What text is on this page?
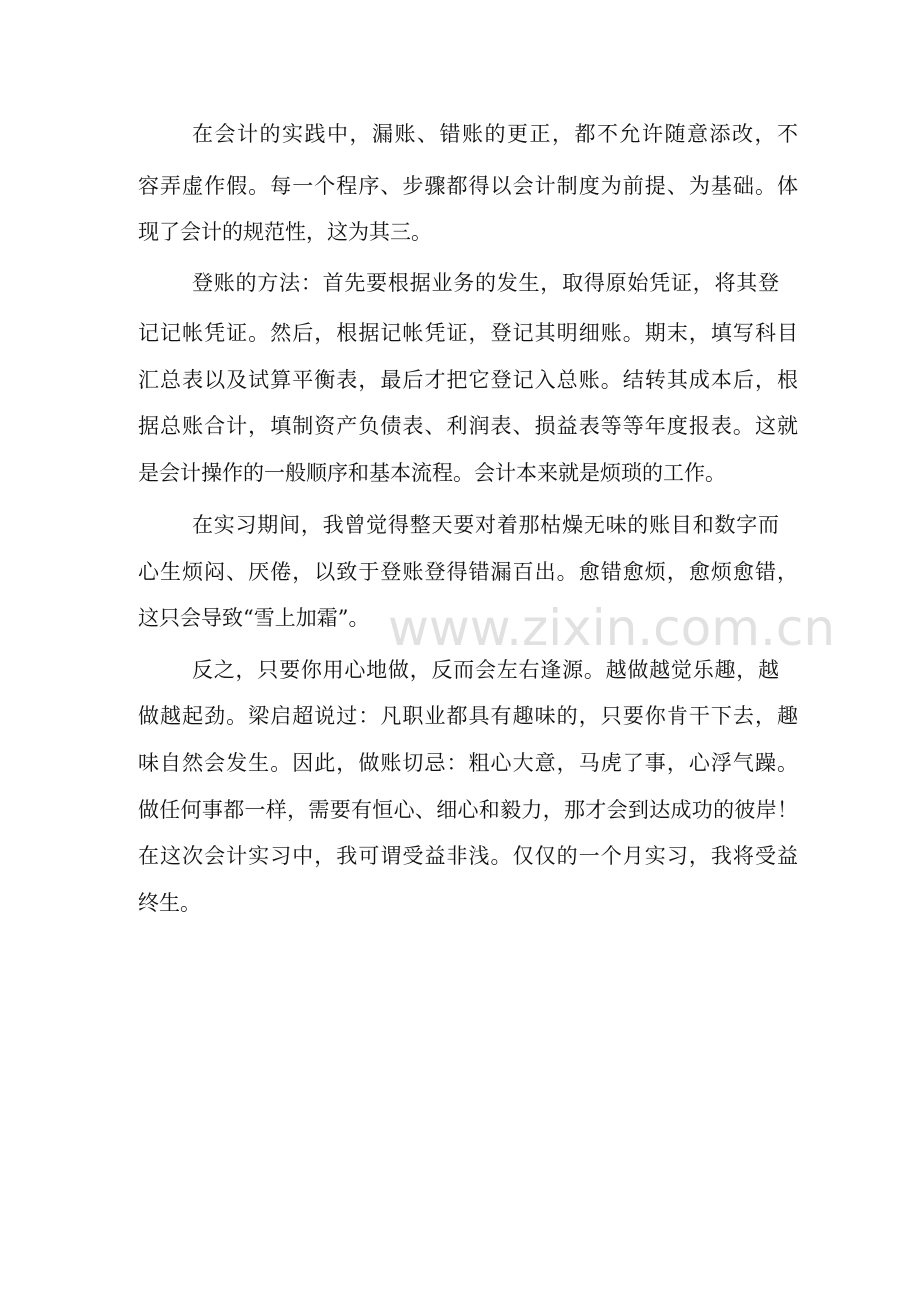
在会计的实践中，漏账、错账的更正，都不允许随意添改，不

容弄虚作假。每一个程序、步骤都得以会计制度为前提、为基础。体

现了会计的规范性，这为其三。

登账的方法：首先要根据业务的发生，取得原始凭证，将其登

记记帐凭证。然后，根据记帐凭证，登记其明细账。期末，填写科目

汇总表以及试算平衡表，最后才把它登记入总账。结转其成本后，根

据总账合计，填制资产负债表、利润表、损益表等等年度报表。这就

是会计操作的一般顺序和基本流程。会计本来就是烦琐的工作。

在实习期间，我曾觉得整天要对着那枯燥无味的账目和数字而

心生烦闷、厌倦，以致于登账登得错漏百出。愈错愈烦，愈烦愈错，

这只会导致“雪上加霜”。

反之，只要你用心地做，反而会左右逢源。越做越觉乐趣，越

做越起劲。梁启超说过：凡职业都具有趣味的，只要你肯干下去，趣

味自然会发生。因此，做账切忌：粗心大意，马虎了事，心浮气躁。

做任何事都一样，需要有恒心、细心和毅力，那才会到达成功的彼岸！

在这次会计实习中，我可谓受益非浅。仅仅的一个月实习，我将受益

终生。

www.zixin.com.cn
